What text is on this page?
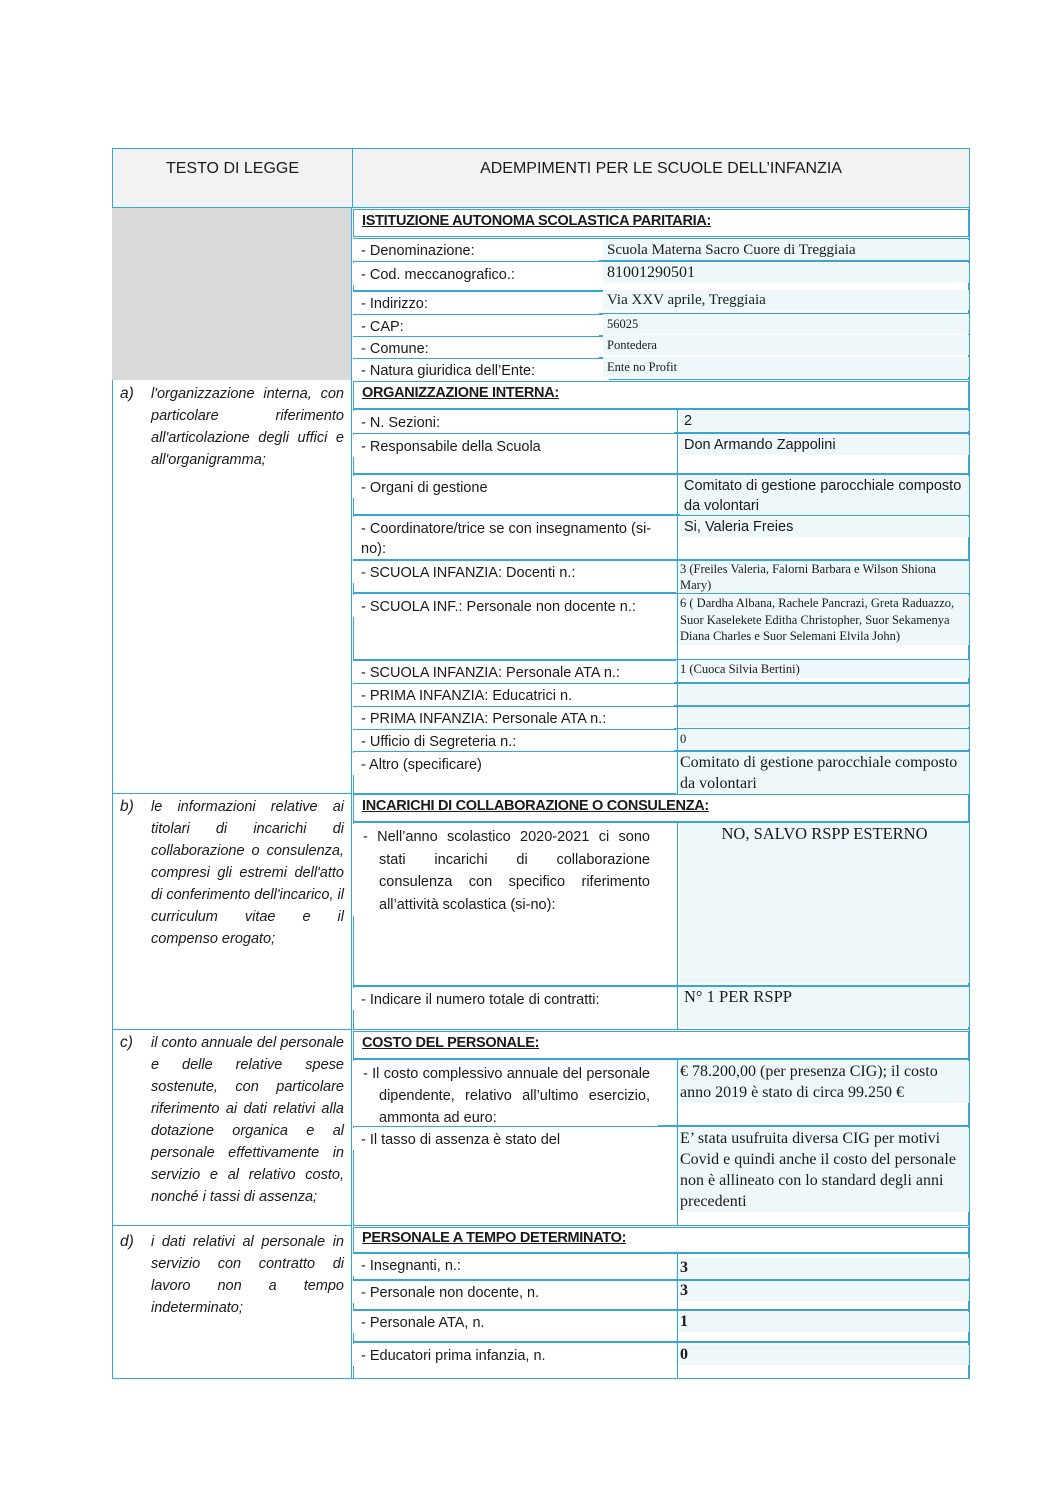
TESTO DI LEGGE	ADEMPIMENTI PER LE SCUOLE DELL’INFANZIA
ISTITUZIONE AUTONOMA SCOLASTICA PARITARIA:
- Denominazione:	Scuola Materna Sacro Cuore di Treggiaia
- Cod. meccanografico.:	81001290501
- Indirizzo:	Via XXV aprile, Treggiaia
- CAP:	56025
- Comune:	Pontedera
- Natura giuridica dell’Ente:	Ente no Profit
a) l'organizzazione interna, con particolare riferimento all'articolazione degli uffici e all'organigramma;
ORGANIZZAZIONE INTERNA:
- N. Sezioni:	2
- Responsabile della Scuola	Don Armando Zappolini
- Organi di gestione	Comitato di gestione parocchiale composto da volontari
- Coordinatore/trice se con insegnamento (si-no):
Si, Valeria Freies
- SCUOLA INFANZIA: Docenti n.:	3 (Freiles Valeria, Falorni Barbara e Wilson Shiona Mary)
- SCUOLA INF.: Personale non docente n.:	6 ( Dardha Albana, Rachele Pancrazi, Greta Raduazzo, Suor Kaselekete Editha Christopher, Suor Sekamenya Diana Charles e Suor Selemani Elvila John)
- SCUOLA INFANZIA: Personale ATA n.:	1 (Cuoca Silvia Bertini)
- PRIMA INFANZIA: Educatrici n.
- PRIMA INFANZIA: Personale ATA n.:
- Ufficio di Segreteria n.:	0
- Altro (specificare)	Comitato di gestione parocchiale composto da volontari
b) le informazioni relative ai titolari di incarichi di collaborazione o consulenza, compresi gli estremi dell'atto di conferimento dell'incarico, il curriculum vitae e il compenso erogato;
INCARICHI DI COLLABORAZIONE O CONSULENZA:
- Nell’anno scolastico 2020-2021 ci sono stati incarichi di collaborazione consulenza con specifico riferimento all’attività scolastica (si-no):
NO, SALVO RSPP ESTERNO
- Indicare il numero totale di contratti:	N° 1 PER RSPP
c) il conto annuale del personale e delle relative spese sostenute, con particolare riferimento ai dati relativi alla dotazione organica e al personale effettivamente in servizio e al relativo costo, nonché i tassi di assenza;
COSTO DEL PERSONALE:
- Il costo complessivo annuale del personale dipendente, relativo all’ultimo esercizio, ammonta ad euro:
€ 78.200,00 (per presenza CIG); il costo anno 2019 è stato di circa 99.250 €
- Il tasso di assenza è stato del	E’ stata usufruita diversa CIG per motivi Covid e quindi anche il costo del personale non è allineato con lo standard degli anni precedenti
d) i dati relativi al personale in servizio con contratto di lavoro non a tempo indeterminato;
PERSONALE A TEMPO DETERMINATO:
- Insegnanti, n.:	3
- Personale non docente, n.	3
- Personale ATA, n.	1
- Educatori prima infanzia, n.	0
